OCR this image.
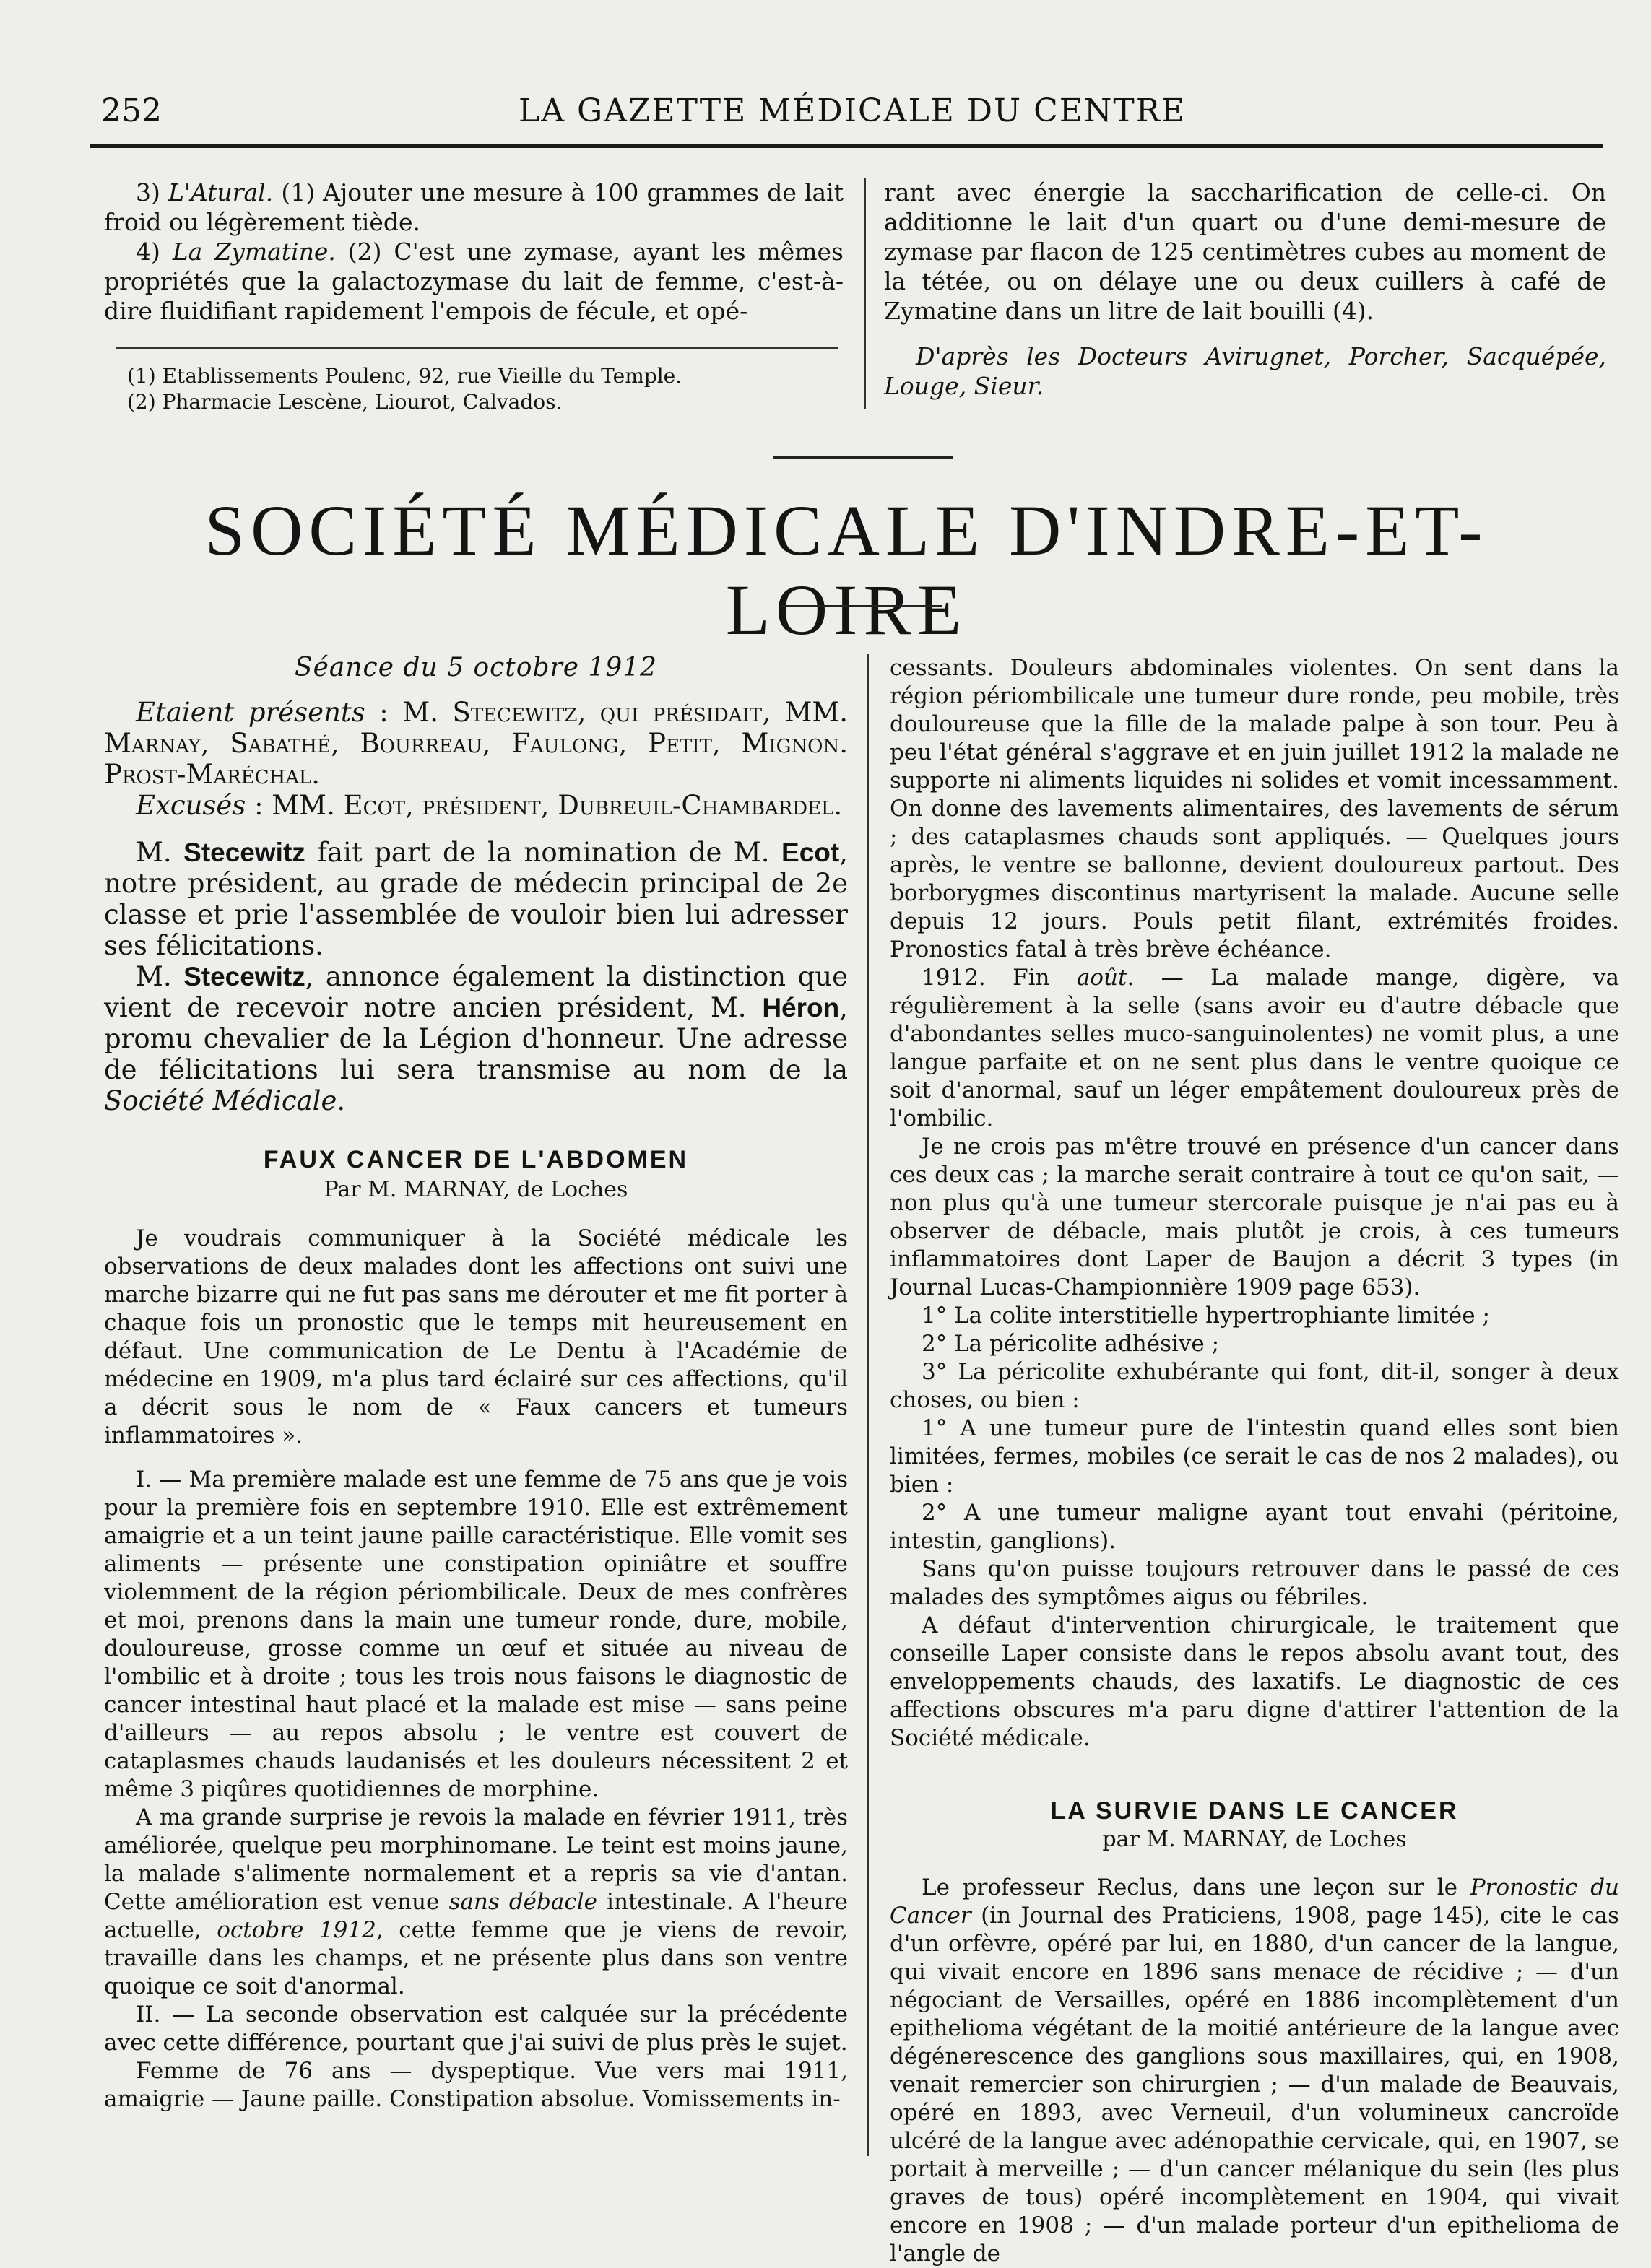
252	LA GAZETTE MÉDICALE DU CENTRE

3) L'Atural. (1) Ajouter une mesure à 100 grammes de lait froid ou légèrement tiède.

4) La Zymatine. (2) C'est une zymase, ayant les mêmes propriétés que la galactozymase du lait de femme, c'est-à-dire fluidifiant rapidement l'empois de fécule, et opé-

(1) Etablissements Poulenc, 92, rue Vieille du Temple.

(2) Pharmacie Lescène, Liourot, Calvados.

rant avec énergie la saccharification de celle-ci. On additionne le lait d'un quart ou d'une demi-mesure de zymase par flacon de 125 centimètres cubes au moment de la tétée, ou on délaye une ou deux cuillers à café de Zymatine dans un litre de lait bouilli (4).

D'après les Docteurs Avirugnet, Porcher, Sacquépée, Louge, Sieur.

SOCIÉTÉ MÉDICALE D'INDRE-ET-LOIRE

Séance du 5 octobre 1912

Etaient présents : M. Stecewitz, qui présidait, MM. Marnay, Sabathé, Bourreau, Faulong, Petit, Mignon. Prost-Maréchal.

Excusés : MM. Ecot, président, Dubreuil-Chambardel.

M. Stecewitz fait part de la nomination de M. Ecot, notre président, au grade de médecin principal de 2e classe et prie l'assemblée de vouloir bien lui adresser ses félicitations.

M. Stecewitz, annonce également la distinction que vient de recevoir notre ancien président, M. Héron, promu chevalier de la Légion d'honneur. Une adresse de félicitations lui sera transmise au nom de la Société Médicale.

FAUX CANCER DE L'ABDOMEN

Par M. MARNAY, de Loches

Je voudrais communiquer à la Société médicale les observations de deux malades dont les affections ont suivi une marche bizarre qui ne fut pas sans me dérouter et me fit porter à chaque fois un pronostic que le temps mit heureusement en défaut. Une communication de Le Dentu à l'Académie de médecine en 1909, m'a plus tard éclairé sur ces affections, qu'il a décrit sous le nom de « Faux cancers et tumeurs inflammatoires ».

I. — Ma première malade est une femme de 75 ans que je vois pour la première fois en septembre 1910. Elle est extrêmement amaigrie et a un teint jaune paille caractéristique. Elle vomit ses aliments — présente une constipation opiniâtre et souffre violemment de la région périombilicale. Deux de mes confrères et moi, prenons dans la main une tumeur ronde, dure, mobile, douloureuse, grosse comme un œuf et située au niveau de l'ombilic et à droite ; tous les trois nous faisons le diagnostic de cancer intestinal haut placé et la malade est mise — sans peine d'ailleurs — au repos absolu ; le ventre est couvert de cataplasmes chauds laudanisés et les douleurs nécessitent 2 et même 3 piqûres quotidiennes de morphine.

A ma grande surprise je revois la malade en février 1911, très améliorée, quelque peu morphinomane. Le teint est moins jaune, la malade s'alimente normalement et a repris sa vie d'antan. Cette amélioration est venue sans débacle intestinale. A l'heure actuelle, octobre 1912, cette femme que je viens de revoir, travaille dans les champs, et ne présente plus dans son ventre quoique ce soit d'anormal.

II. — La seconde observation est calquée sur la précédente avec cette différence, pourtant que j'ai suivi de plus près le sujet.

Femme de 76 ans — dyspeptique. Vue vers mai 1911, amaigrie — Jaune paille. Constipation absolue. Vomissements in-

cessants. Douleurs abdominales violentes. On sent dans la région périombilicale une tumeur dure ronde, peu mobile, très douloureuse que la fille de la malade palpe à son tour. Peu à peu l'état général s'aggrave et en juin juillet 1912 la malade ne supporte ni aliments liquides ni solides et vomit incessamment. On donne des lavements alimentaires, des lavements de sérum ; des cataplasmes chauds sont appliqués. — Quelques jours après, le ventre se ballonne, devient douloureux partout. Des borborygmes discontinus martyrisent la malade. Aucune selle depuis 12 jours. Pouls petit filant, extrémités froides. Pronostics fatal à très brève échéance.

1912. Fin août. — La malade mange, digère, va régulièrement à la selle (sans avoir eu d'autre débacle que d'abondantes selles muco-sanguinolentes) ne vomit plus, a une langue parfaite et on ne sent plus dans le ventre quoique ce soit d'anormal, sauf un léger empâtement douloureux près de l'ombilic.

Je ne crois pas m'être trouvé en présence d'un cancer dans ces deux cas ; la marche serait contraire à tout ce qu'on sait, — non plus qu'à une tumeur stercorale puisque je n'ai pas eu à observer de débacle, mais plutôt je crois, à ces tumeurs inflammatoires dont Laper de Baujon a décrit 3 types (in Journal Lucas-Championnière 1909 page 653).

1° La colite interstitielle hypertrophiante limitée ;

2° La péricolite adhésive ;

3° La péricolite exhubérante qui font, dit-il, songer à deux choses, ou bien :

1° A une tumeur pure de l'intestin quand elles sont bien limitées, fermes, mobiles (ce serait le cas de nos 2 malades), ou bien :

2° A une tumeur maligne ayant tout envahi (péritoine, intestin, ganglions).

Sans qu'on puisse toujours retrouver dans le passé de ces malades des symptômes aigus ou fébriles.

A défaut d'intervention chirurgicale, le traitement que conseille Laper consiste dans le repos absolu avant tout, des enveloppements chauds, des laxatifs. Le diagnostic de ces affections obscures m'a paru digne d'attirer l'attention de la Société médicale.

LA SURVIE DANS LE CANCER

par M. MARNAY, de Loches

Le professeur Reclus, dans une leçon sur le Pronostic du Cancer (in Journal des Praticiens, 1908, page 145), cite le cas d'un orfèvre, opéré par lui, en 1880, d'un cancer de la langue, qui vivait encore en 1896 sans menace de récidive ; — d'un négociant de Versailles, opéré en 1886 incomplètement d'un epithelioma végétant de la moitié antérieure de la langue avec dégénerescence des ganglions sous maxillaires, qui, en 1908, venait remercier son chirurgien ; — d'un malade de Beauvais, opéré en 1893, avec Verneuil, d'un volumineux cancroïde ulcéré de la langue avec adénopathie cervicale, qui, en 1907, se portait à merveille ; — d'un cancer mélanique du sein (les plus graves de tous) opéré incomplètement en 1904, qui vivait encore en 1908 ; — d'un malade porteur d'un epithelioma de l'angle de
